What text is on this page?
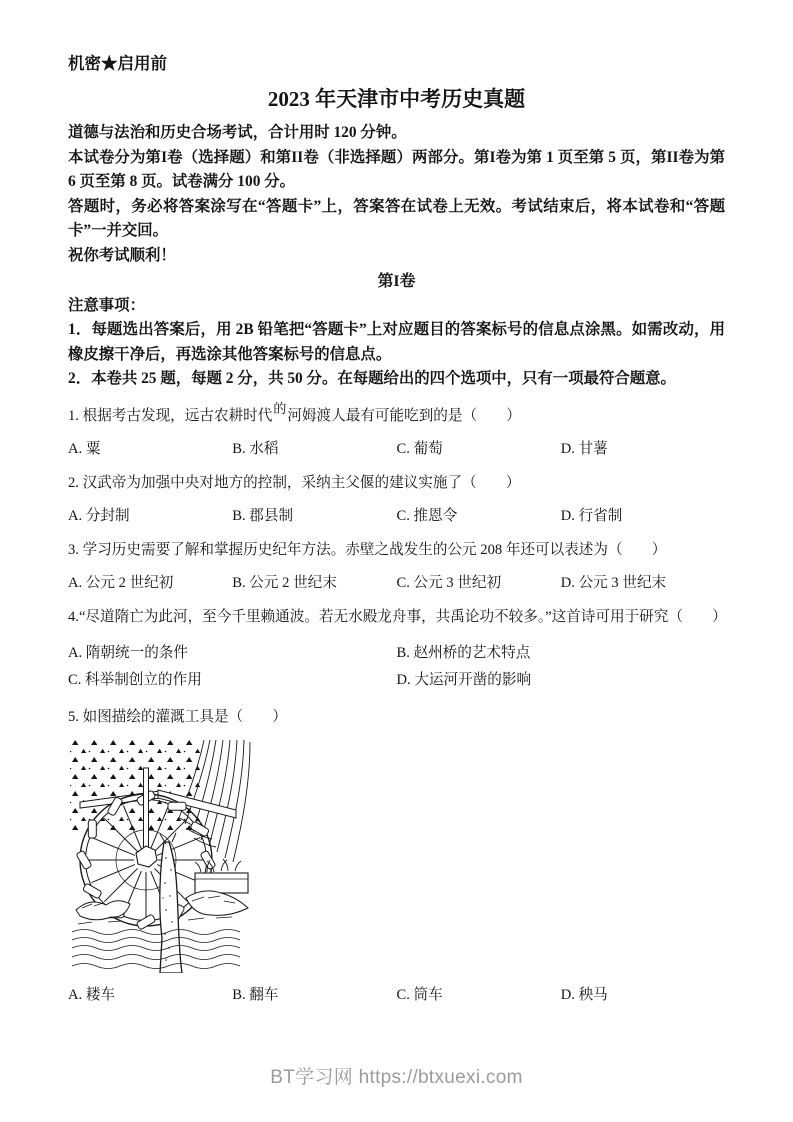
机密★启用前
2023 年天津市中考历史真题

道德与法治和历史合场考试，合计用时 120 分钟。

本试卷分为第I卷（选择题）和第II卷（非选择题）两部分。第I卷为第 1 页至第 5 页，第II卷为第 6 页至第 8 页。试卷满分 100 分。

答题时，务必将答案涂写在“答题卡”上，答案答在试卷上无效。考试结束后，将本试卷和“答题卡”一并交回。

祝你考试顺利！

第I卷

注意事项：

1．每题选出答案后，用 2B 铅笔把“答题卡”上对应题目的答案标号的信息点涂黑。如需改动，用橡皮擦干净后，再选涂其他答案标号的信息点。

2．本卷共 25 题，每题 2 分，共 50 分。在每题给出的四个选项中，只有一项最符合题意。

1. 根据考古发现，远古农耕时代的河姆渡人最有可能吃到的是（　　）
A. 粟	B. 水稻	C. 葡萄	D. 甘薯
2. 汉武帝为加强中央对地方的控制，采纳主父偃的建议实施了（　　）
A. 分封制	B. 郡县制	C. 推恩令	D. 行省制
3. 学习历史需要了解和掌握历史纪年方法。赤壁之战发生的公元 208 年还可以表述为（　　）
A. 公元 2 世纪初	B. 公元 2 世纪末	C. 公元 3 世纪初	D. 公元 3 世纪末
4.“尽道隋亡为此河，至今千里赖通波。若无水殿龙舟事，共禹论功不较多。”这首诗可用于研究（　　）
A. 隋朝统一的条件	B. 赵州桥的艺术特点
C. 科举制创立的作用	D. 大运河开凿的影响
5. 如图描绘的灌溉工具是（　　）
A. 耧车	B. 翻车	C. 筒车	D. 秧马
BT学习网 https://btxuexi.com
